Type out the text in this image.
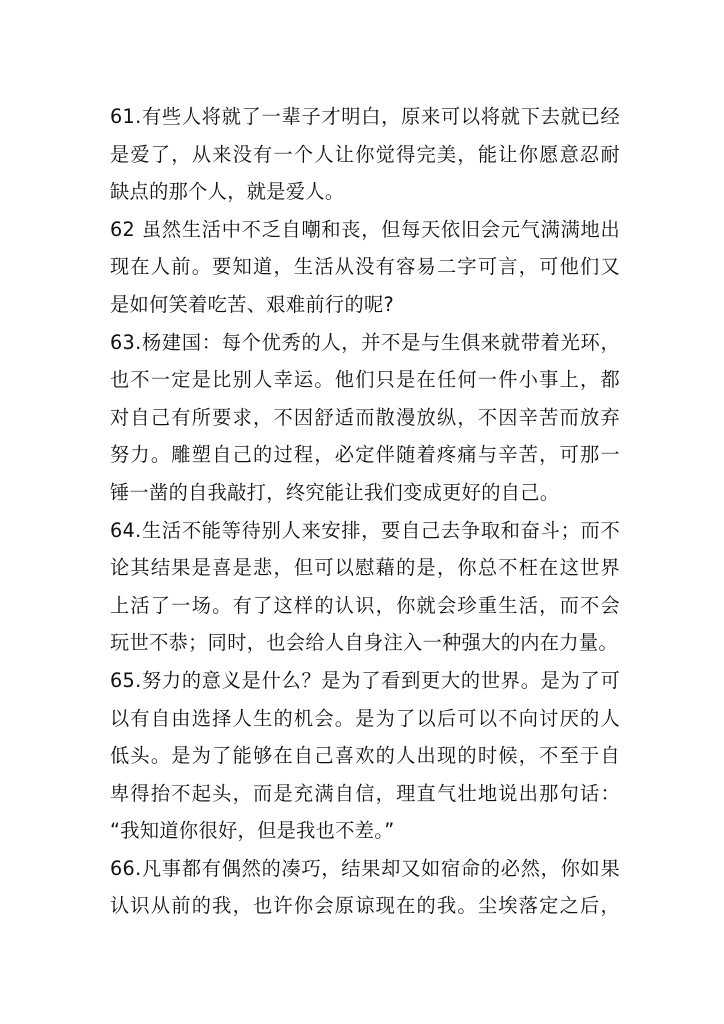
61.有些人将就了一辈子才明白，原来可以将就下去就已经
是爱了，从来没有一个人让你觉得完美，能让你愿意忍耐
缺点的那个人，就是爱人。
62 虽然生活中不乏自嘲和丧，但每天依旧会元气满满地出
现在人前。要知道，生活从没有容易二字可言，可他们又
是如何笑着吃苦、艰难前行的呢?
63.杨建国：每个优秀的人，并不是与生俱来就带着光环，
也不一定是比别人幸运。他们只是在任何一件小事上，都
对自己有所要求，不因舒适而散漫放纵，不因辛苦而放弃
努力。雕塑自己的过程，必定伴随着疼痛与辛苦，可那一
锤一凿的自我敲打，终究能让我们变成更好的自己。
64.生活不能等待别人来安排，要自己去争取和奋斗；而不
论其结果是喜是悲，但可以慰藉的是，你总不枉在这世界
上活了一场。有了这样的认识，你就会珍重生活，而不会
玩世不恭；同时，也会给人自身注入一种强大的内在力量。
65.努力的意义是什么？是为了看到更大的世界。是为了可
以有自由选择人生的机会。是为了以后可以不向讨厌的人
低头。是为了能够在自己喜欢的人出现的时候，不至于自
卑得抬不起头，而是充满自信，理直气壮地说出那句话：
“我知道你很好，但是我也不差。”
66.凡事都有偶然的凑巧，结果却又如宿命的必然，你如果
认识从前的我，也许你会原谅现在的我。尘埃落定之后，
